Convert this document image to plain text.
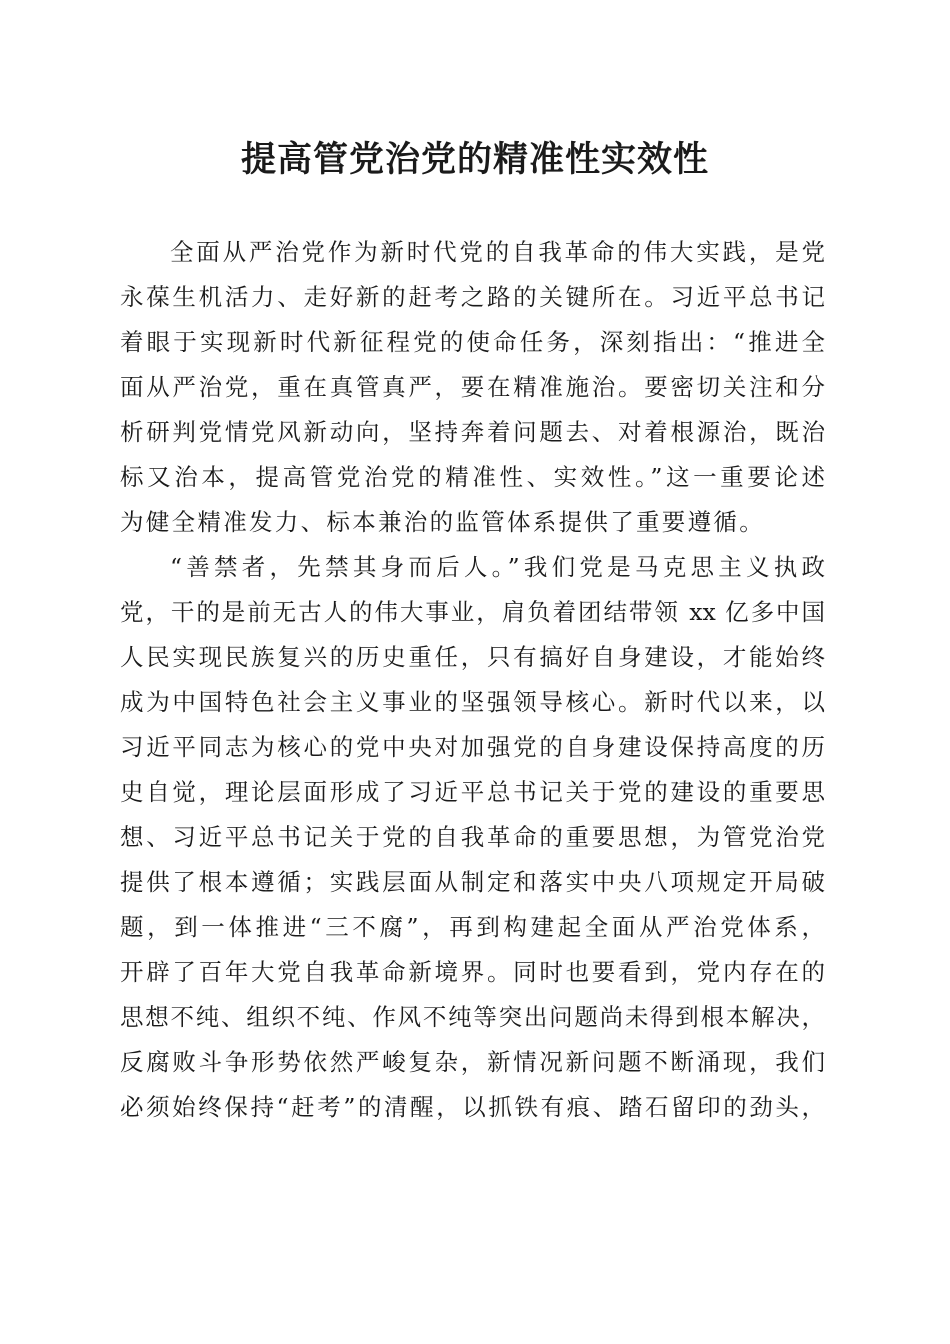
提高管党治党的精准性实效性

全面从严治党作为新时代党的自我革命的伟大实践，是党

永葆生机活力、走好新的赶考之路的关键所在。习近平总书记

着眼于实现新时代新征程党的使命任务，深刻指出：“推进全

面从严治党，重在真管真严，要在精准施治。要密切关注和分

析研判党情党风新动向，坚持奔着问题去、对着根源治，既治

标又治本，提高管党治党的精准性、实效性。”这一重要论述

为健全精准发力、标本兼治的监管体系提供了重要遵循。

“善禁者，先禁其身而后人。”我们党是马克思主义执政

党，干的是前无古人的伟大事业，肩负着团结带领 xx 亿多中国

人民实现民族复兴的历史重任，只有搞好自身建设，才能始终

成为中国特色社会主义事业的坚强领导核心。新时代以来，以

习近平同志为核心的党中央对加强党的自身建设保持高度的历

史自觉，理论层面形成了习近平总书记关于党的建设的重要思

想、习近平总书记关于党的自我革命的重要思想，为管党治党

提供了根本遵循；实践层面从制定和落实中央八项规定开局破

题，到一体推进“三不腐”，再到构建起全面从严治党体系，

开辟了百年大党自我革命新境界。同时也要看到，党内存在的

思想不纯、组织不纯、作风不纯等突出问题尚未得到根本解决，

反腐败斗争形势依然严峻复杂，新情况新问题不断涌现，我们

必须始终保持“赶考”的清醒，以抓铁有痕、踏石留印的劲头，
